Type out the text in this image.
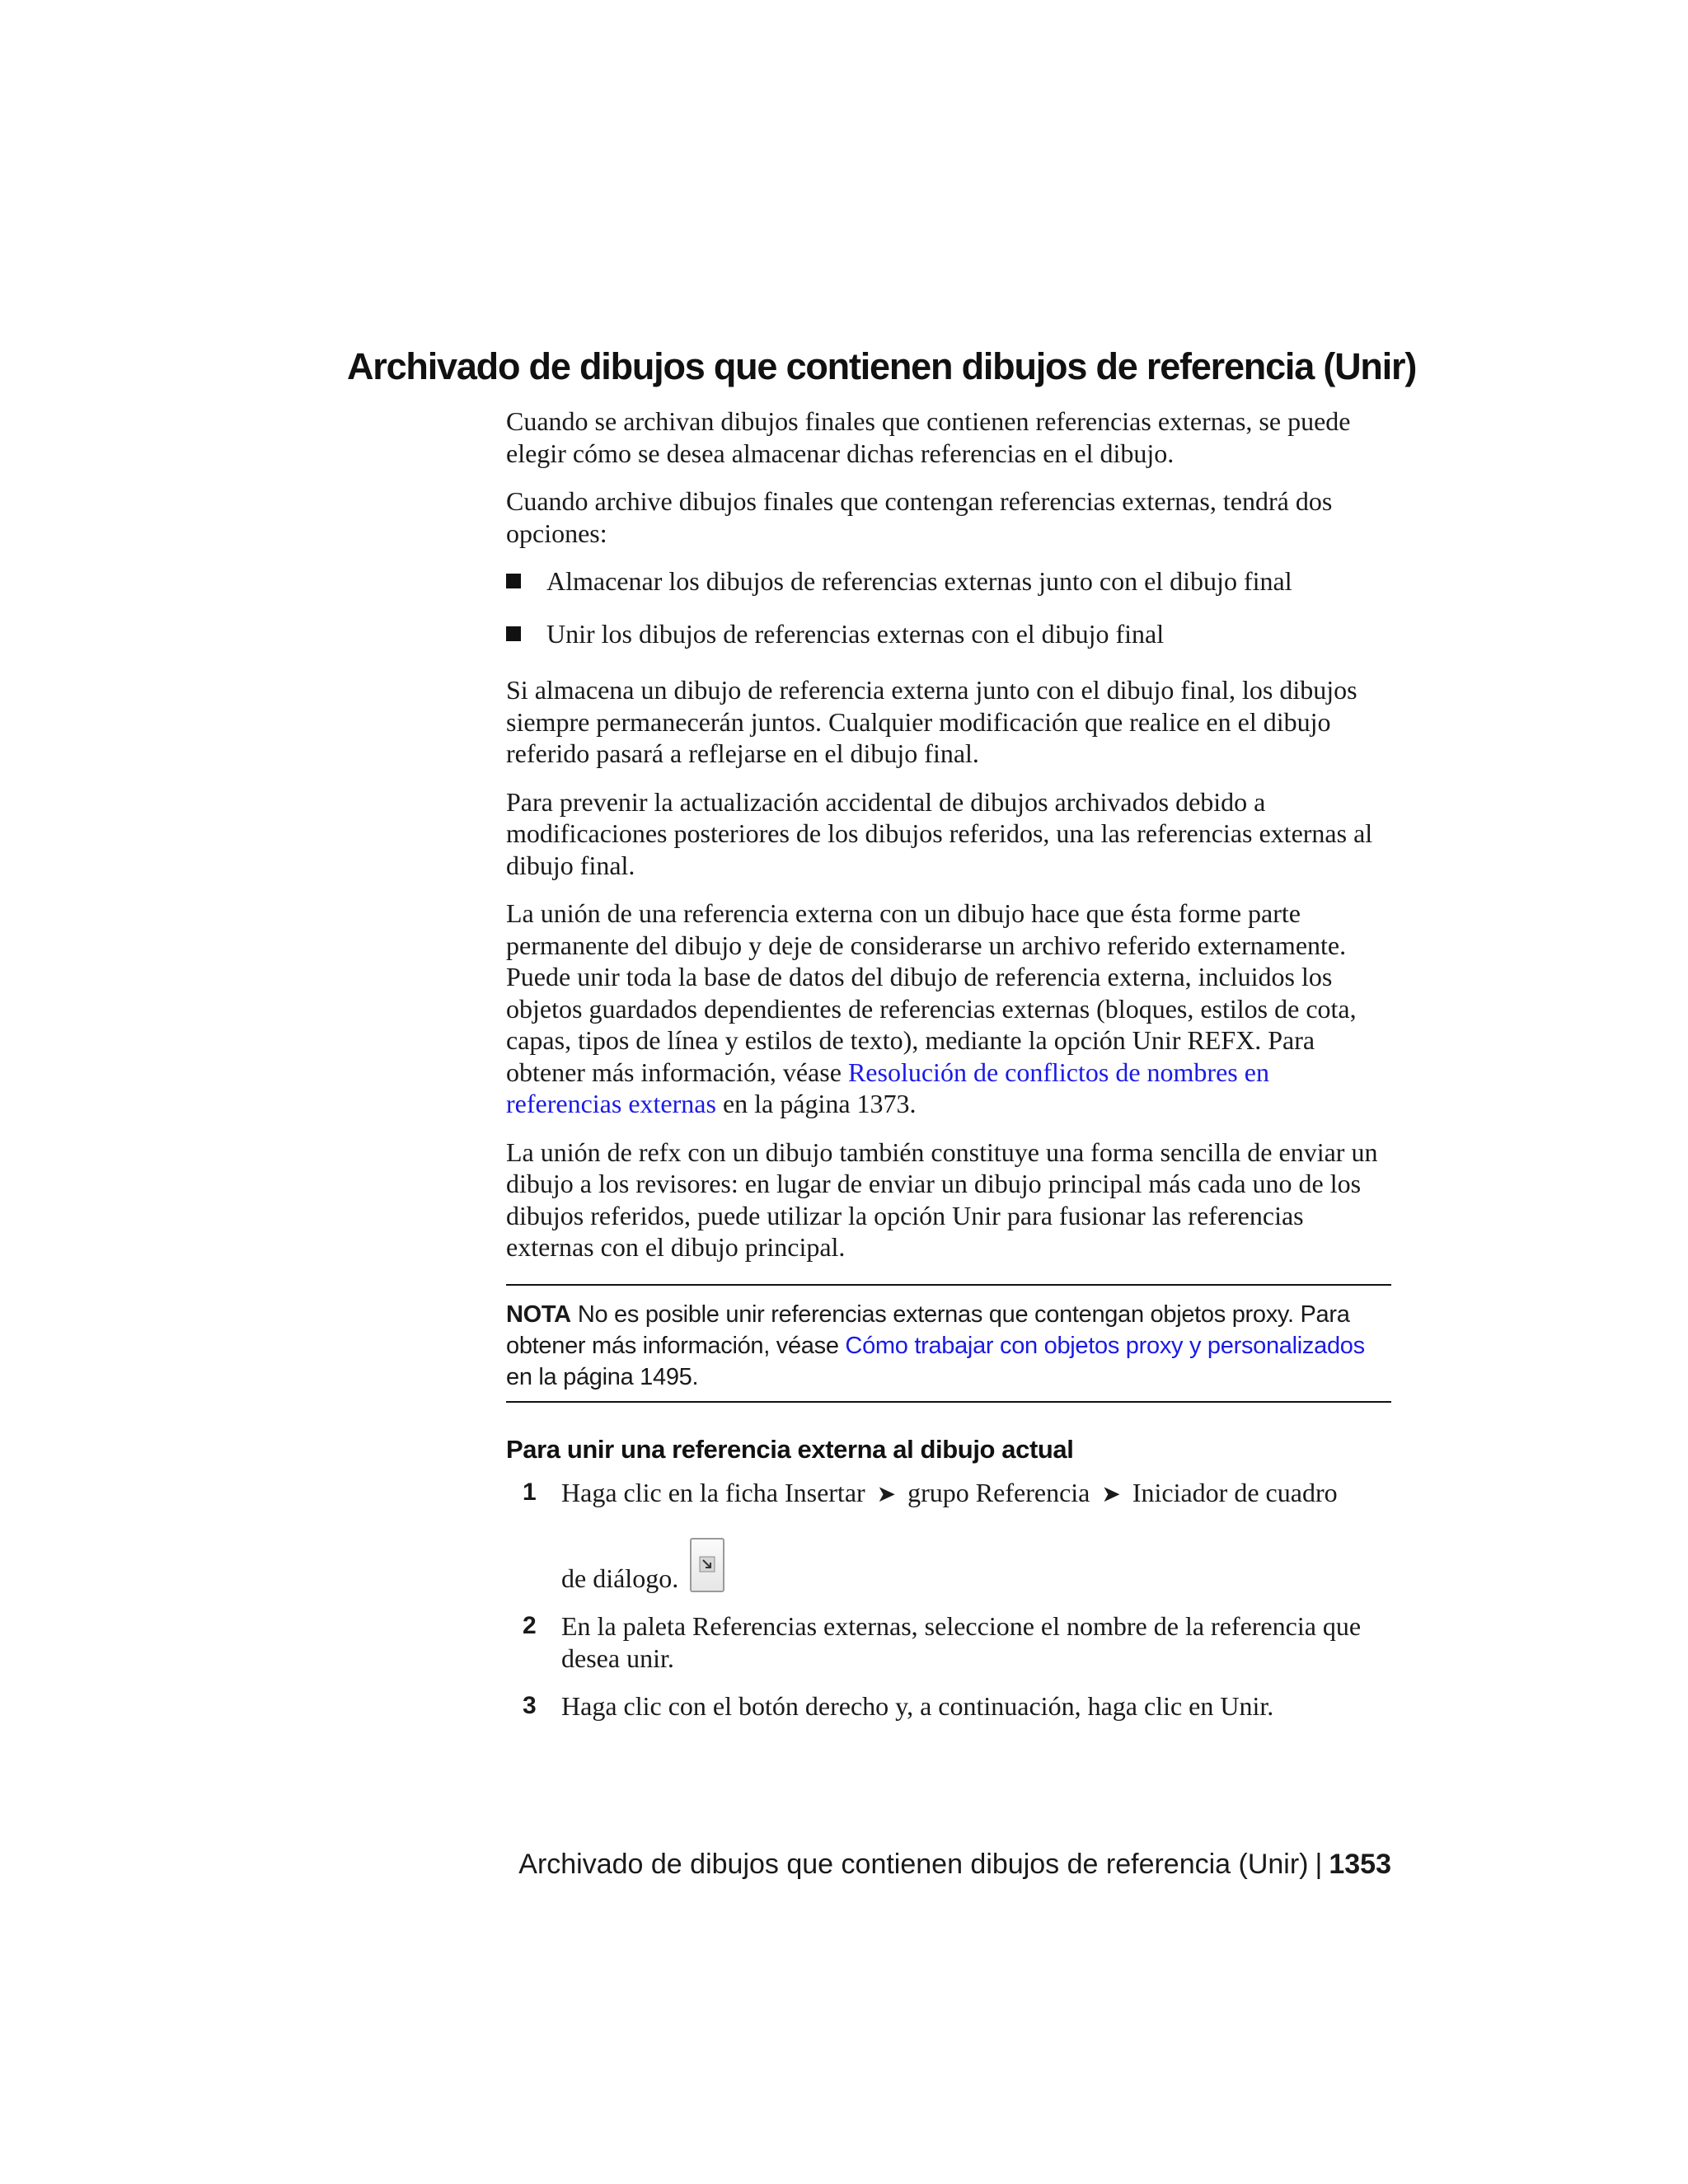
Archivado de dibujos que contienen dibujos de referencia (Unir)

Cuando se archivan dibujos finales que contienen referencias externas, se puede elegir cómo se desea almacenar dichas referencias en el dibujo.

Cuando archive dibujos finales que contengan referencias externas, tendrá dos opciones:

Almacenar los dibujos de referencias externas junto con el dibujo final
Unir los dibujos de referencias externas con el dibujo final

Si almacena un dibujo de referencia externa junto con el dibujo final, los dibujos siempre permanecerán juntos. Cualquier modificación que realice en el dibujo referido pasará a reflejarse en el dibujo final.

Para prevenir la actualización accidental de dibujos archivados debido a modificaciones posteriores de los dibujos referidos, una las referencias externas al dibujo final.

La unión de una referencia externa con un dibujo hace que ésta forme parte permanente del dibujo y deje de considerarse un archivo referido externamente. Puede unir toda la base de datos del dibujo de referencia externa, incluidos los objetos guardados dependientes de referencias externas (bloques, estilos de cota, capas, tipos de línea y estilos de texto), mediante la opción Unir REFX. Para obtener más información, véase Resolución de conflictos de nombres en referencias externas en la página 1373.

La unión de refx con un dibujo también constituye una forma sencilla de enviar un dibujo a los revisores: en lugar de enviar un dibujo principal más cada uno de los dibujos referidos, puede utilizar la opción Unir para fusionar las referencias externas con el dibujo principal.

NOTA No es posible unir referencias externas que contengan objetos proxy. Para obtener más información, véase Cómo trabajar con objetos proxy y personalizados en la página 1495.
Para unir una referencia externa al dibujo actual
1 Haga clic en la ficha Insertar ➤ grupo Referencia ➤ Iniciador de cuadro
de diálogo.
2 En la paleta Referencias externas, seleccione el nombre de la referencia que desea unir.
3 Haga clic con el botón derecho y, a continuación, haga clic en Unir.
Archivado de dibujos que contienen dibujos de referencia (Unir) | 1353
